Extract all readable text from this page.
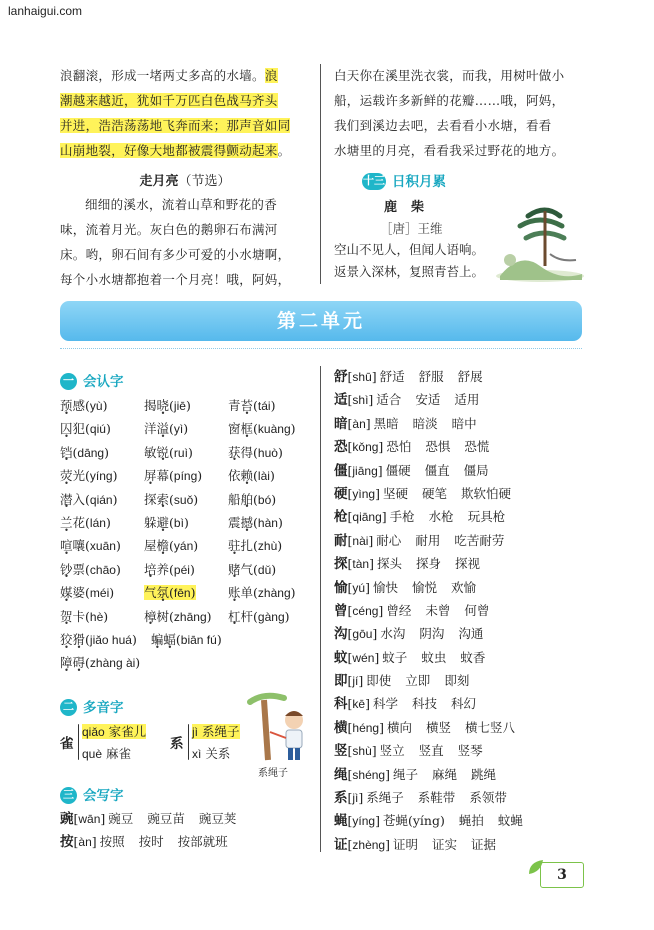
lanhaigui.com
浪翻滚，形成一堵两丈多高的水墙。浪
潮越来越近，犹如千万匹白色战马齐头
并进，浩浩荡荡地飞奔而来；那声音如同
山崩地裂，好像大地都被震得颤动起来。
走月亮（节选）
细细的溪水，流着山草和野花的香
味，流着月光。灰白色的鹅卵石布满河
床。哟，卵石间有多少可爱的小水塘啊，
每个小水塘都抱着一个月亮！哦，阿妈，
白天你在溪里洗衣裳，而我，用树叶做小
船，运载许多新鲜的花瓣……哦，阿妈，
我们到溪边去吧，去看看小水塘，看看
水塘里的月亮，看看我采过野花的地方。
十三 日积月累
鹿柴
［唐］王维
空山不见人，但闻人语响。
返景入深林，复照青苔上。
第二单元
一 会认字
预感(yù)	揭晓(jiē)	青苔(tái)
囚犯(qiú)	洋溢(yì)	窗框(kuàng)
铛(dāng)	敏锐(ruì)	获得(huò)
荧光(yíng)	屏幕(píng)	依赖(lài)
潜入(qián)	探索(suǒ)	船舶(bó)
兰花(lán)	躲避(bì)	震撼(hàn)
喧嚷(xuān)	屋檐(yán)	驻扎(zhù)
钞票(chāo)	培养(péi)	赌气(dǔ)
媒婆(méi)	气氛(fēn)	账单(zhàng)
贺卡(hè)	樟树(zhāng)	杠杆(gàng)
狡猾(jiǎo huá) 蝙蝠(biān fú)
障碍(zhàng ài)
二 多音字
雀
qiǎo 家雀儿
què 麻雀
系
jì 系绳子
xì 关系
系绳子
三 会写字
豌[wān] 豌豆 豌豆苗 豌豆荚
按[àn] 按照 按时 按部就班
舒[shū] 舒适 舒服 舒展
适[shì] 适合 安适 适用
暗[àn] 黑暗 暗淡 暗中
恐[kǒng] 恐怕 恐惧 恐慌
僵[jiāng] 僵硬 僵直 僵局
硬[yìng] 坚硬 硬笔 欺软怕硬
枪[qiāng] 手枪 水枪 玩具枪
耐[nài] 耐心 耐用 吃苦耐劳
探[tàn] 探头 探身 探视
愉[yú] 愉快 愉悦 欢愉
曾[céng] 曾经 未曾 何曾
沟[gōu] 水沟 阴沟 沟通
蚊[wén] 蚊子 蚊虫 蚊香
即[jí] 即使 立即 即刻
科[kē] 科学 科技 科幻
横[héng] 横向 横竖 横七竖八
竖[shù] 竖立 竖直 竖琴
绳[shéng] 绳子 麻绳 跳绳
系[jì] 系绳子 系鞋带 系领带
蝇[yíng] 苍蝇(yíng) 蝇拍 蚊蝇
证[zhèng] 证明 证实 证据
3
